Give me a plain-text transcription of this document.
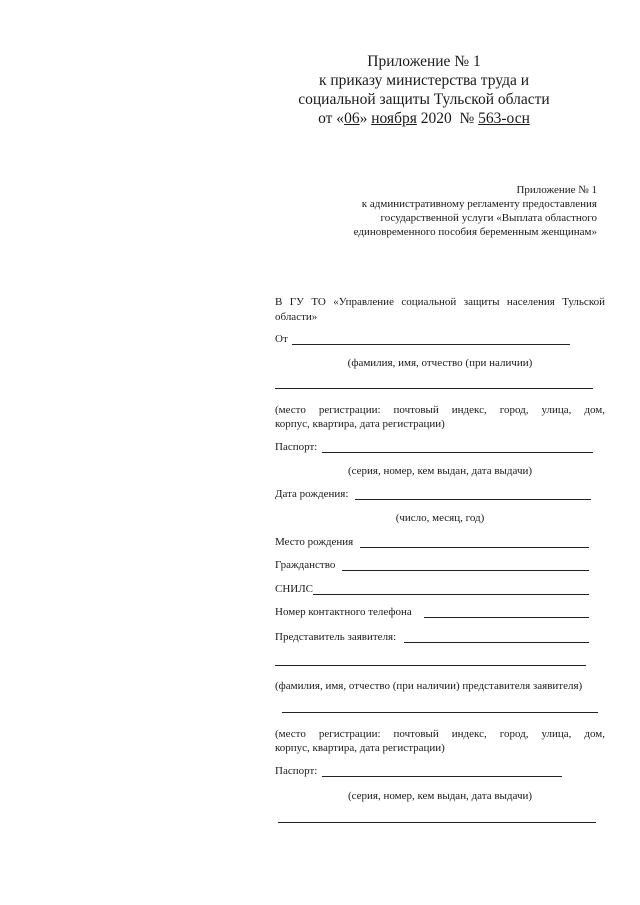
Приложение № 1
к приказу министерства труда и
социальной защиты Тульской области
от «06» ноября 2020  № 563-осн
Приложение № 1
к административному регламенту предоставления
государственной услуги «Выплата областного
единовременного пособия беременным женщинам»
В ГУ ТО «Управление социальной защиты населения Тульской
области»
От
(фамилия, имя, отчество (при наличии)
(место регистрации: почтовый индекс, город, улица, дом,
корпус, квартира, дата регистрации)
Паспорт:
(серия, номер, кем выдан, дата выдачи)
Дата рождения:
(число, месяц, год)
Место рождения
Гражданство
СНИЛС
Номер контактного телефона
Представитель заявителя:
(фамилия, имя, отчество (при наличии) представителя заявителя)
(место регистрации: почтовый индекс, город, улица, дом,
корпус, квартира, дата регистрации)
Паспорт:
(серия, номер, кем выдан, дата выдачи)
